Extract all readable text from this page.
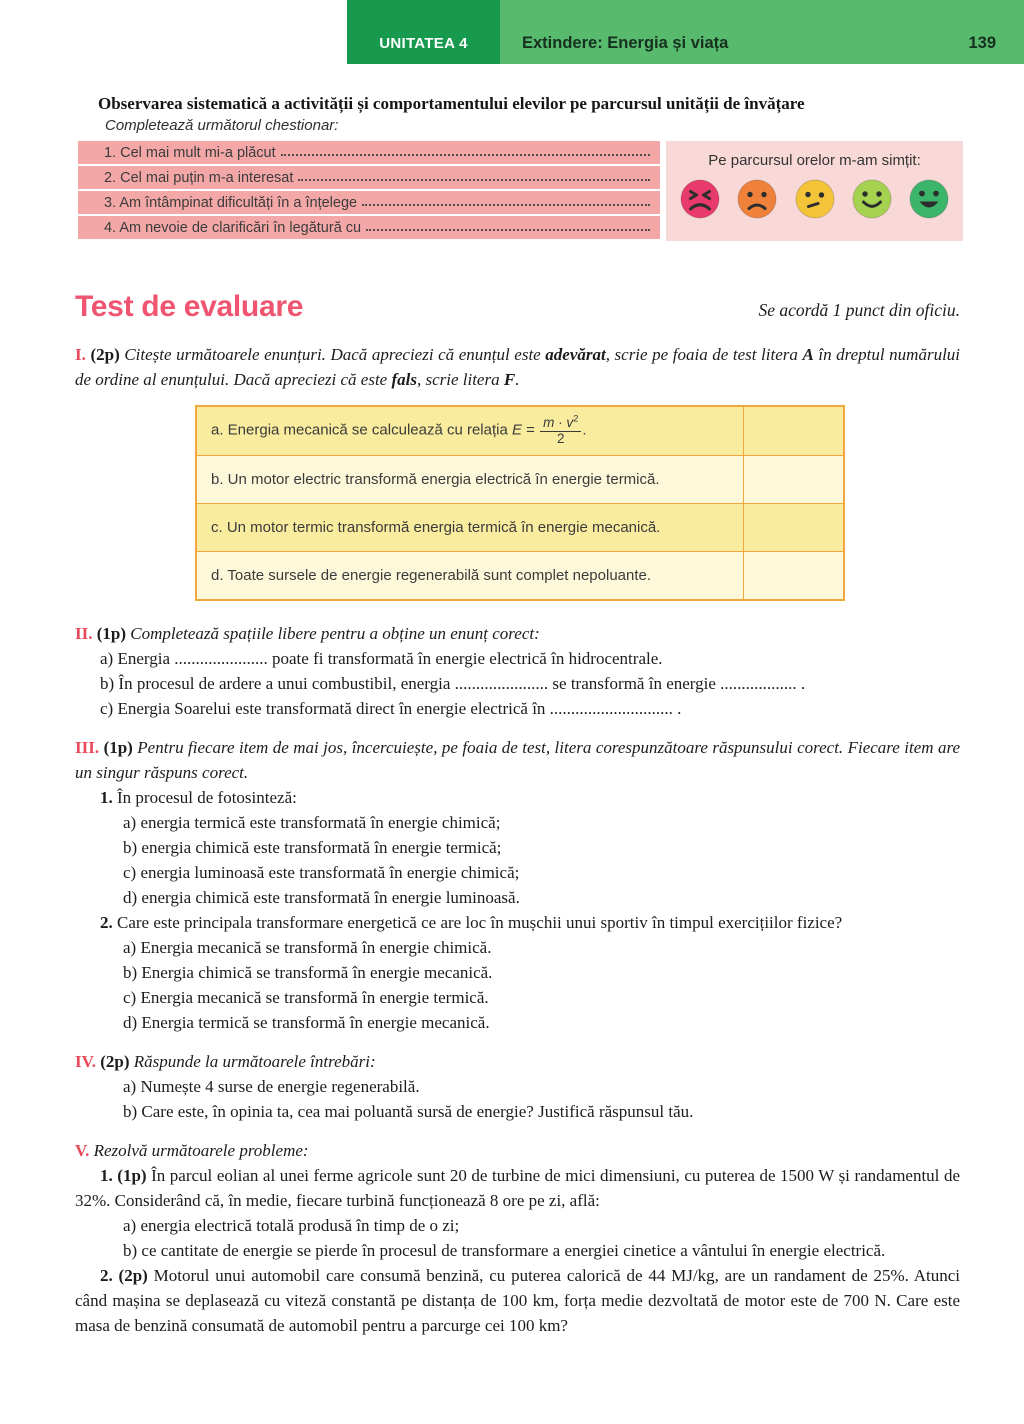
UNITATEA 4	Extindere: Energia și viața	139
Observarea sistematică a activității și comportamentului elevilor pe parcursul unității de învățare
Completează următorul chestionar:
1. Cel mai mult mi-a plăcut
2. Cel mai puțin m-a interesat
3. Am întâmpinat dificultăți în a înțelege
4. Am nevoie de clarificări în legătură cu
Pe parcursul orelor m-am simțit:
Test de evaluare	Se acordă 1 punct din oficiu.

I. (2p) Citește următoarele enunțuri. Dacă apreciezi că enunțul este adevărat, scrie pe foaia de test litera A în dreptul numărului de ordine al enunțului. Dacă apreciezi că este fals, scrie litera F.

a. Energia mecanică se calculează cu relația $E = \frac{m \cdot v^2}{2}$ .
b. Un motor electric transformă energia electrică în energie termică.
c. Un motor termic transformă energia termică în energie mecanică.
d. Toate sursele de energie regenerabilă sunt complet nepoluante.

II. (1p) Completează spațiile libere pentru a obține un enunț corect:

a) Energia ...................... poate fi transformată în energie electrică în hidrocentrale.

b) În procesul de ardere a unui combustibil, energia ...................... se transformă în energie .................. .

c) Energia Soarelui este transformată direct în energie electrică în ............................. .

III. (1p) Pentru fiecare item de mai jos, încercuiește, pe foaia de test, litera corespunzătoare răspunsului corect. Fiecare item are un singur răspuns corect.

1. În procesul de fotosinteză:

a) energia termică este transformată în energie chimică;

b) energia chimică este transformată în energie termică;

c) energia luminoasă este transformată în energie chimică;

d) energia chimică este transformată în energie luminoasă.

2. Care este principala transformare energetică ce are loc în mușchii unui sportiv în timpul exercițiilor fizice?

a) Energia mecanică se transformă în energie chimică.

b) Energia chimică se transformă în energie mecanică.

c) Energia mecanică se transformă în energie termică.

d) Energia termică se transformă în energie mecanică.

IV. (2p) Răspunde la următoarele întrebări:

a) Numește 4 surse de energie regenerabilă.

b) Care este, în opinia ta, cea mai poluantă sursă de energie? Justifică răspunsul tău.

V. Rezolvă următoarele probleme:

1. (1p) În parcul eolian al unei ferme agricole sunt 20 de turbine de mici dimensiuni, cu puterea de 1500 W și randamentul de 32%. Considerând că, în medie, fiecare turbină funcționează 8 ore pe zi, află:

a) energia electrică totală produsă în timp de o zi;

b) ce cantitate de energie se pierde în procesul de transformare a energiei cinetice a vântului în energie electrică.

2. (2p) Motorul unui automobil care consumă benzină, cu puterea calorică de 44 MJ/kg, are un randament de 25%. Atunci când mașina se deplasează cu viteză constantă pe distanța de 100 km, forța medie dezvoltată de motor este de 700 N. Care este masa de benzină consumată de automobil pentru a parcurge cei 100 km?
